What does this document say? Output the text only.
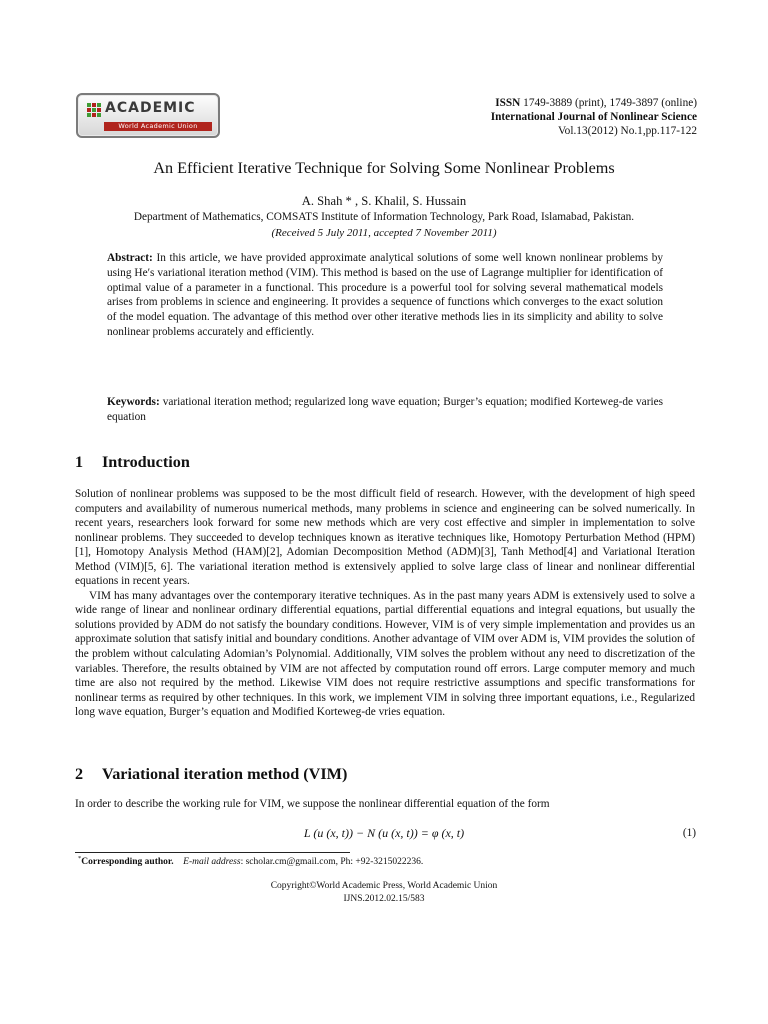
ACADEMIC
World Academic Union
ISSN 1749-3889 (print), 1749-3897 (online)
International Journal of Nonlinear Science
Vol.13(2012) No.1,pp.117-122
An Efficient Iterative Technique for Solving Some Nonlinear Problems
A. Shah * , S. Khalil, S. Hussain
Department of Mathematics, COMSATS Institute of Information Technology, Park Road, Islamabad, Pakistan.
(Received 5 July 2011, accepted 7 November 2011)
Abstract: In this article, we have provided approximate analytical solutions of some well known nonlinear problems by using He′s variational iteration method (VIM). This method is based on the use of Lagrange multiplier for identification of optimal value of a parameter in a functional. This procedure is a powerful tool for solving several mathematical models arises from problems in science and engineering. It provides a sequence of functions which converges to the exact solution of the model equation. The advantage of this method over other iterative methods lies in its simplicity and ability to solve nonlinear problems accurately and efficiently.
Keywords: variational iteration method; regularized long wave equation; Burger’s equation; modified Korteweg-de varies equation
1 Introduction

Solution of nonlinear problems was supposed to be the most difficult field of research. However, with the development of high speed computers and availability of numerous numerical methods, many problems in science and engineering can be solved numerically. In recent years, researchers look forward for some new methods which are very cost effective and simpler in implementation to solve nonlinear problems. They succeeded to develop techniques known as iterative techniques like, Homotopy Perturbation Method (HPM)[1], Homotopy Analysis Method (HAM)[2], Adomian Decomposition Method (ADM)[3], Tanh Method[4] and Variational Iteration Method (VIM)[5, 6]. The variational iteration method is extensively applied to solve large class of linear and nonlinear differential equations in recent years.

VIM has many advantages over the contemporary iterative techniques. As in the past many years ADM is extensively used to solve a wide range of linear and nonlinear ordinary differential equations, partial differential equations and integral equations, but usually the solutions provided by ADM do not satisfy the boundary conditions. However, VIM is of very simple implementation and provides us an approximate solution that satisfy initial and boundary conditions. Another advantage of VIM over ADM is, VIM provides the solution of the problem without calculating Adomian’s Polynomial. Additionally, VIM solves the problem without any need to discretization of the variables. Therefore, the results obtained by VIM are not affected by computation round off errors. Large computer memory and much time are also not required by the method. Likewise VIM does not require restrictive assumptions and specific transformations for nonlinear terms as required by other techniques. In this work, we implement VIM in solving three important equations, i.e., Regularized long wave equation, Burger’s equation and Modified Korteweg-de vries equation.

2 Variational iteration method (VIM)

In order to describe the working rule for VIM, we suppose the nonlinear differential equation of the form

L (u (x, t)) − N (u (x, t)) = φ (x, t)	(1)
*Corresponding author. E-mail address: scholar.cm@gmail.com, Ph: +92-3215022236.
Copyright©World Academic Press, World Academic Union
IJNS.2012.02.15/583
